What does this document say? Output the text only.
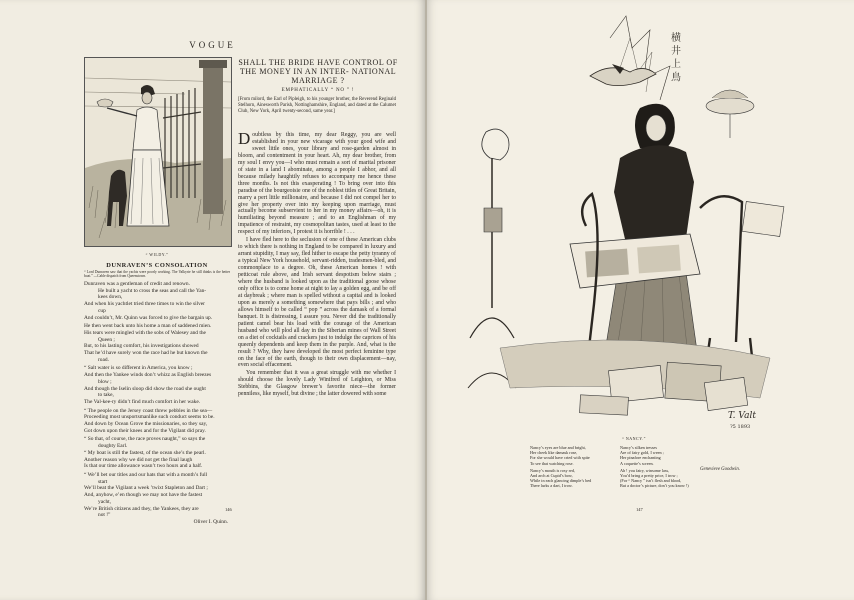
VOGUE
“ WILDY.”
DUNRAVEN’S CONSOLATION
“ Lord Dunraven saw that the yachts were poorly working. The Valkyrie he still thinks is the better boat.” —Cable dispatch from Queenstown.
Dunraven was a gentleman of credit and renown.
He built a yacht to cross the seas and call the Yan-
kees down,
And when his yachtlet tried three times to win the silver
cup
And couldn’t, Mr. Quinn was forced to give the bargain up.
He then went back unto his home a man of saddened mien.
His tears were mingled with the sobs of Walesey and the
Queen ;
But, to his lasting comfort, his investigations showed
That he’d have surely won the race had he but known the
road.
“ Salt water is so different in America, you know ;
And then the Yankee winds don’t whizz as English breezes
blow ;
And though the Iselin sloop did show the road she ought
to take,
The Val-kee-ry didn’t find much comfort in her wake.
“ The people on the Jersey coast threw pebbles in the sea—
Proceeding most unsportsmanlike such conduct seems to be.
And down by Ocean Grove the missionaries, so they say,
Got down upon their knees and for the Vigilant did pray.
“ So that, of course, the race proves naught,” so says the
doughty Earl.
“ My boat is still the fastest, of the ocean she’s the pearl.
Another reason why we did not get the final laugh
Is that our time allowance wasn’t two hours and a half.
“ We’ll bet our titles and our hats that with a month’s full
start
We’ll beat the Vigilant a week ’twixt Stapleton and Dart ;
And, anyhow, e’en though we may not have the fastest
yacht,
We’re British citizens and they, the Yankees, they are
not !”
Oliver I. Quinn.
SHALL THE BRIDE HAVE CONTROL OF THE MONEY IN AN INTER- NATIONAL MARRIAGE ?
EMPHATICALLY “ NO ” !
[From milord, the Earl of Pipleigh, to his younger brother, the Reverend Reginald Stelhorn, Ainesworth Parish, Nottinghamshire, England, and dated at the Calumet Club, New York, April twenty-second, same year.]

Doubtless by this time, my dear Reggy, you are well established in your new vicarage with your good wife and sweet little ones, your library and rose-garden almost in bloom, and contentment in your heart. Ah, my dear brother, from my soul I envy you—I who must remain a sort of marital prisoner of state in a land I abominate, among a people I abhor, and all because milady haughtily refuses to accompany me hence these three months. Is not this exasperating ! To bring over into this paradise of the bourgeoisie one of the noblest titles of Great Britain, marry a pert little millionaire, and because I did not compel her to give her property over into my keeping upon marriage, must actually become subservient to her in my money affairs—oh, it is humiliating beyond measure ; and to an Englishman of my impatience of restraint, my cosmopolitan tastes, used at least to the respect of my inferiors, I protest it is horrible ! . . .

I have fled here to the seclusion of one of these American clubs to which there is nothing in England to be compared in luxury and arrant stupidity, I may say, fled hither to escape the petty tyranny of a typical New York household, servant-ridden, tradesmen-bled, and commonplace to a degree. Oh, these American homes ! with petticoat rule above, and Irish servant despotism below stairs ; where the husband is looked upon as the traditional goose whose only office is to come home at night to lay a golden egg, and be off at daybreak ; where man is spelled without a capital and is looked upon as merely a something somewhere that pays bills ; and who allows himself to be called “ pop ” across the damask of a formal banquet. It is distressing, I assure you. Never did the traditionally patient camel bear his load with the courage of the American husband who will plod all day in the Siberian mines of Wall Street on a diet of cocktails and crackers just to indulge the caprices of his queenly dependents and keep them in the purple. And, what is the result ? Why, they have developed the most perfect feminine type on the face of the earth, though to their own displacement—nay, even social effacement.

You remember that it was a great struggle with me whether I should choose the lovely Lady Winifred of Leighton, or Miss Stebbins, the Glasgow brewer’s favorite niece—the former penniless, like myself, but divine ; the latter dowered with some

146
横 井 上 鳥
T. Valt
?5 1893
“ NANCY.”
Nancy’s eyes are blue and bright,
Her cheek like damask rose,
For she would have cried with spite
To see that watching rose.
Nancy’s mouth is rosy red,
And arch at Cupid’s bow,
While in each glancing dimple’s bed
There lurks a dart, I trow.
Nancy’s silken tresses
Are of fairy gold, I ween ;
Her pinafore enchanting
A coquette’s screen.
Ah ! you fairy, winsome lass,
You’d bring a pretty price, I trow ;
(For “ Nancy ” isn’t flesh and blood,
But a doctor’s picture, don’t you know !)
Genevieve Goodwin.
147
